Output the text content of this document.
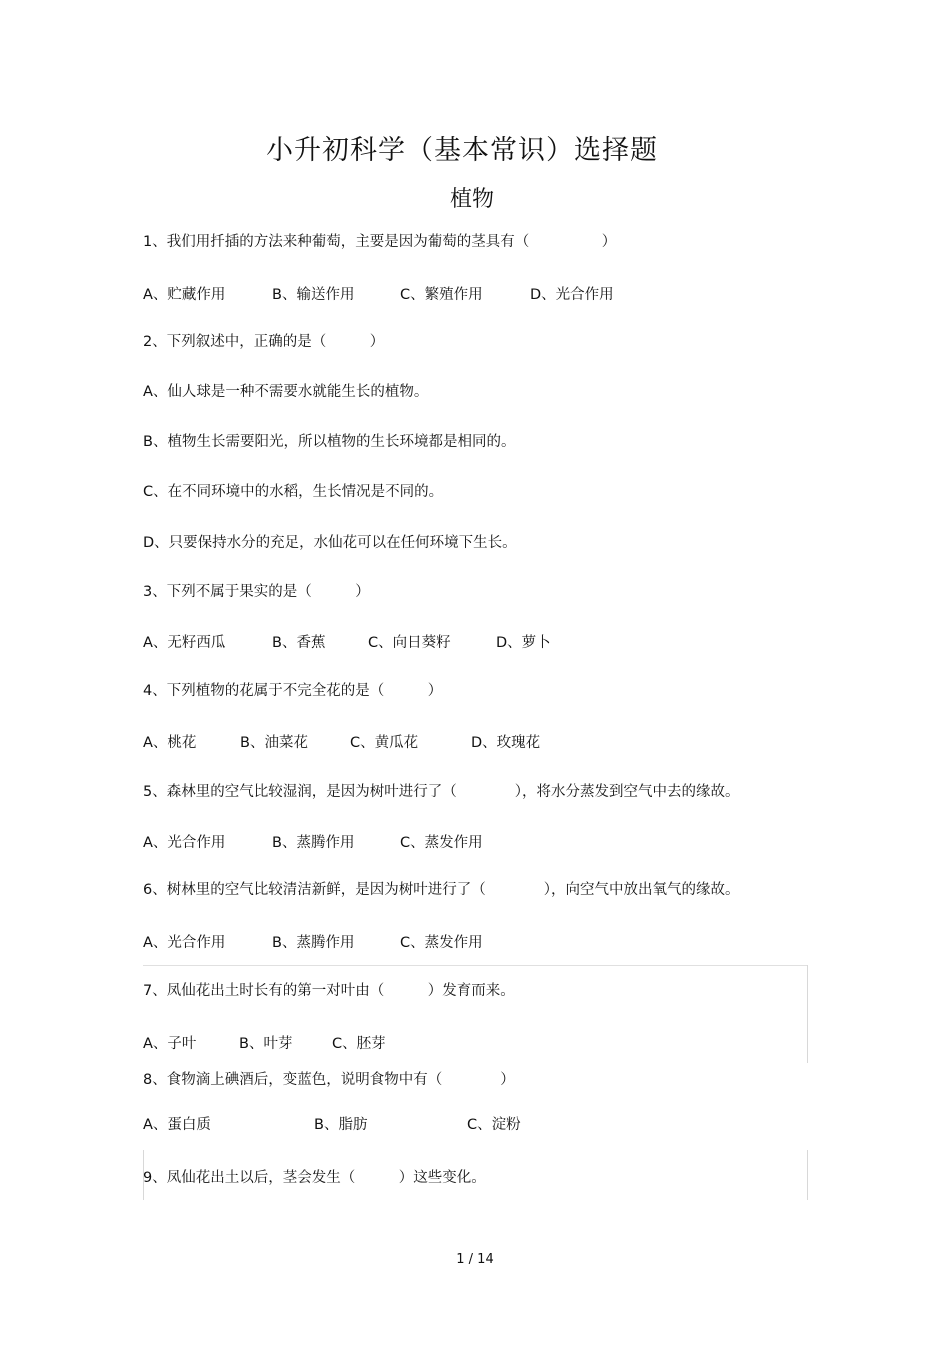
小升初科学（基本常识）选择题
植物
1、我们用扦插的方法来种葡萄，主要是因为葡萄的茎具有（　　　　　）
A、贮藏作用	B、输送作用	C、繁殖作用	D、光合作用
2、下列叙述中，正确的是（　　　）
A、仙人球是一种不需要水就能生长的植物。
B、植物生长需要阳光，所以植物的生长环境都是相同的。
C、在不同环境中的水稻，生长情况是不同的。
D、只要保持水分的充足，水仙花可以在任何环境下生长。
3、下列不属于果实的是（　　　）
A、无籽西瓜	B、香蕉	C、向日葵籽	D、萝卜
4、下列植物的花属于不完全花的是（　　　）
A、桃花	B、油菜花	C、黄瓜花	D、玫瑰花
5、森林里的空气比较湿润，是因为树叶进行了（　　　　），将水分蒸发到空气中去的缘故。
A、光合作用	B、蒸腾作用	C、蒸发作用
6、树林里的空气比较清洁新鲜，是因为树叶进行了（　　　　），向空气中放出氧气的缘故。
A、光合作用	B、蒸腾作用	C、蒸发作用
7、凤仙花出土时长有的第一对叶由（　　　）发育而来。
A、子叶	B、叶芽	C、胚芽
8、食物滴上碘酒后，变蓝色，说明食物中有（　　　　）
A、蛋白质	B、脂肪	C、淀粉
9、凤仙花出土以后，茎会发生（　　　）这些变化。
1 / 14
